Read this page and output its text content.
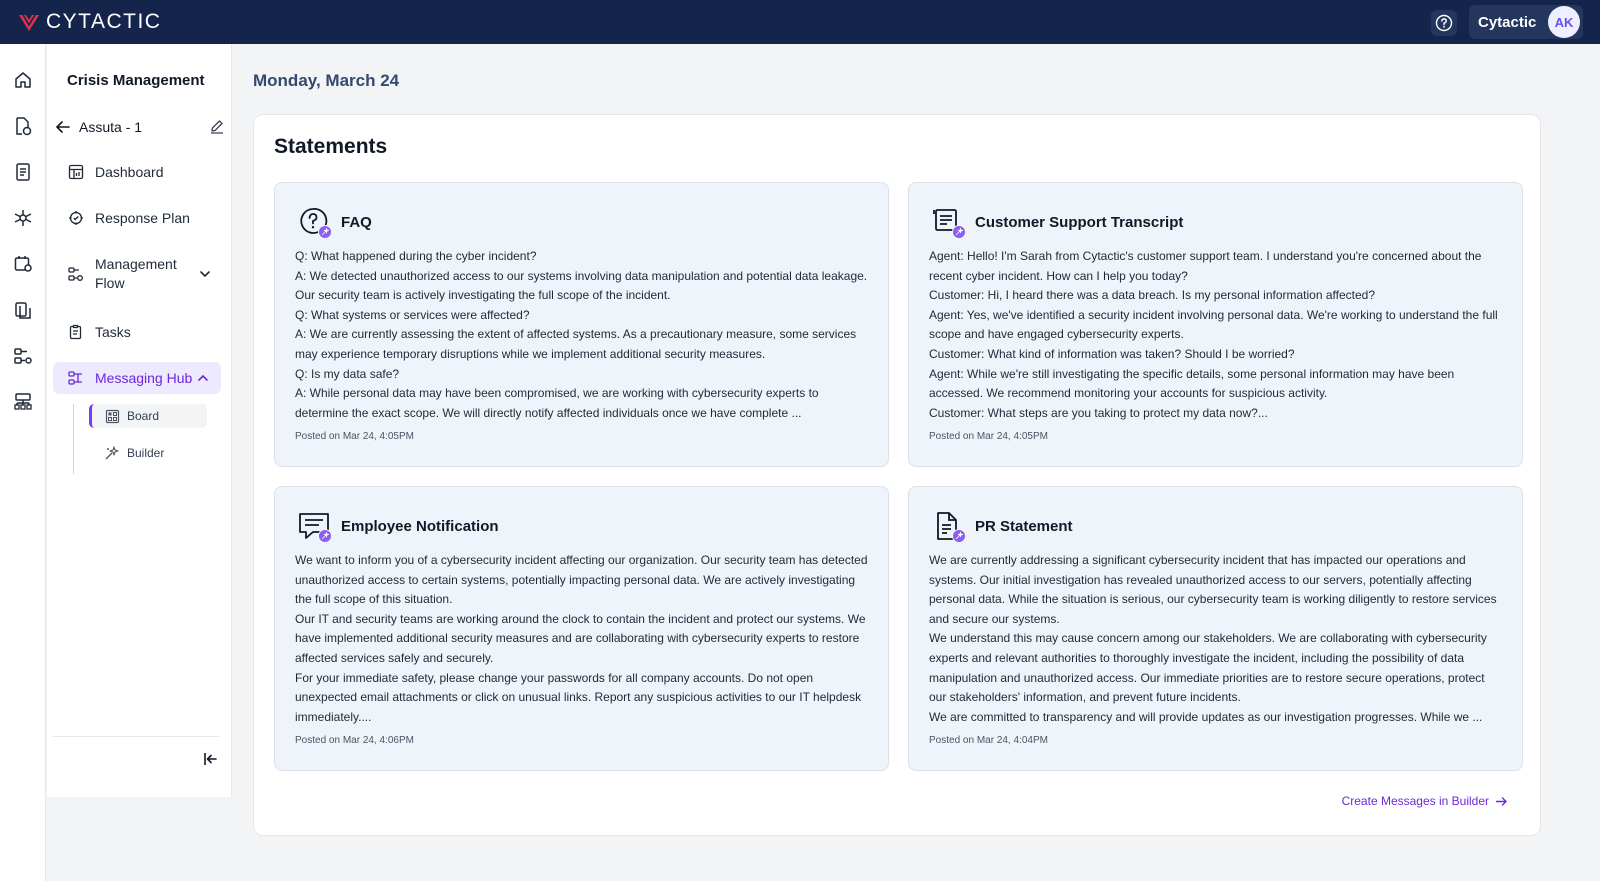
CYTACTIC	Cytactic	AK
Crisis Management
Assuta - 1
Dashboard
Response Plan
Management
Flow
Tasks
Messaging Hub
Board
Builder
Monday, March 24
Statements
FAQ

Q: What happened during the cyber incident?

A: We detected unauthorized access to our systems involving data manipulation and potential data leakage. Our security team is actively investigating the full scope of the incident.

Q: What systems or services were affected?

A: We are currently assessing the extent of affected systems. As a precautionary measure, some services may experience temporary disruptions while we implement additional security measures.

Q: Is my data safe?

A: While personal data may have been compromised, we are working with cybersecurity experts to determine the exact scope. We will directly notify affected individuals once we have complete ...

Posted on Mar 24, 4:05PM
Customer Support Transcript

Agent: Hello! I'm Sarah from Cytactic's customer support team. I understand you're concerned about the recent cyber incident. How can I help you today?

Customer: Hi, I heard there was a data breach. Is my personal information affected?

Agent: Yes, we've identified a security incident involving personal data. We're working to understand the full scope and have engaged cybersecurity experts.

Customer: What kind of information was taken? Should I be worried?

Agent: While we're still investigating the specific details, some personal information may have been accessed. We recommend monitoring your accounts for suspicious activity.

Customer: What steps are you taking to protect my data now?...

Posted on Mar 24, 4:05PM
Employee Notification

We want to inform you of a cybersecurity incident affecting our organization. Our security team has detected unauthorized access to certain systems, potentially impacting personal data. We are actively investigating the full scope of this situation.

Our IT and security teams are working around the clock to contain the incident and protect our systems. We have implemented additional security measures and are collaborating with cybersecurity experts to restore affected services safely and securely.

For your immediate safety, please change your passwords for all company accounts. Do not open unexpected email attachments or click on unusual links. Report any suspicious activities to our IT helpdesk immediately....

Posted on Mar 24, 4:06PM
PR Statement

We are currently addressing a significant cybersecurity incident that has impacted our operations and systems. Our initial investigation has revealed unauthorized access to our servers, potentially affecting personal data. While the situation is serious, our cybersecurity team is working diligently to restore services and secure our systems.

We understand this may cause concern among our stakeholders. We are collaborating with cybersecurity experts and relevant authorities to thoroughly investigate the incident, including the possibility of data manipulation and unauthorized access. Our immediate priorities are to restore secure operations, protect our stakeholders' information, and prevent future incidents.

We are committed to transparency and will provide updates as our investigation progresses. While we ...

Posted on Mar 24, 4:04PM
Create Messages in Builder
